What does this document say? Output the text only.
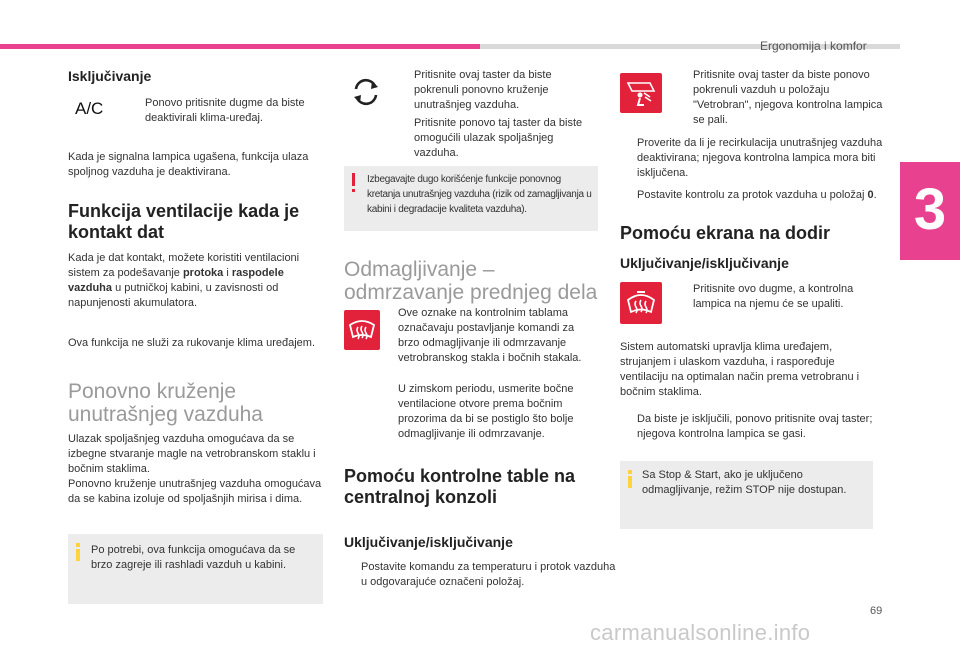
Ergonomija i komfor
3
Isključivanje
A/C	Ponovo pritisnite dugme da biste deaktivirali klima-uređaj.
Kada je signalna lampica ugašena, funkcija ulaza spoljnog vazduha je deaktivirana.
Funkcija ventilacije kada je kontakt dat
Kada je dat kontakt, možete koristiti ventilacioni sistem za podešavanje protoka i raspodele vazduha u putničkoj kabini, u zavisnosti od napunjenosti akumulatora.
Ova funkcija ne služi za rukovanje klima uređajem.
Ponovno kruženje unutrašnjeg vazduha
Ulazak spoljašnjeg vazduha omogućava da se izbegne stvaranje magle na vetrobranskom staklu i bočnim staklima.
Ponovno kruženje unutrašnjeg vazduha omogućava da se kabina izoluje od spoljašnjih mirisa i dima.
Po potrebi, ova funkcija omogućava da se brzo zagreje ili rashladi vazduh u kabini.
Pritisnite ovaj taster da biste pokrenuli ponovno kruženje unutrašnjeg vazduha.
Pritisnite ponovo taj taster da biste omogućili ulazak spoljašnjeg vazduha.
Izbegavajte dugo korišćenje funkcije ponovnog kretanja unutrašnjeg vazduha (rizik od zamagljivanja u kabini i degradacije kvaliteta vazduha).
Odmagljivanje – odmrzavanje prednjeg dela
Ove oznake na kontrolnim tablama označavaju postavljanje komandi za brzo odmagljivanje ili odmrzavanje vetrobranskog stakla i bočnih stakala.
U zimskom periodu, usmerite bočne ventilacione otvore prema bočnim prozorima da bi se postiglo što bolje odmagljivanje ili odmrzavanje.
Pomoću kontrolne table na centralnoj konzoli
Uključivanje/isključivanje
Postavite komandu za temperaturu i protok vazduha u odgovarajuće označeni položaj.
Pritisnite ovaj taster da biste ponovo pokrenuli vazduh u položaju "Vetrobran", njegova kontrolna lampica se pali.
Proverite da li je recirkulacija unutrašnjeg vazduha deaktivirana; njegova kontrolna lampica mora biti isključena.
Postavite kontrolu za protok vazduha u položaj 0.
Pomoću ekrana na dodir
Uključivanje/isključivanje
Pritisnite ovo dugme, a kontrolna lampica na njemu će se upaliti.
Sistem automatski upravlja klima uređajem, strujanjem i ulaskom vazduha, i raspoređuje ventilaciju na optimalan način prema vetrobranu i bočnim staklima.
Da biste je isključili, ponovo pritisnite ovaj taster; njegova kontrolna lampica se gasi.
Sa Stop & Start, ako je uključeno odmagljivanje, režim STOP nije dostupan.
69
carmanualsonline.info
